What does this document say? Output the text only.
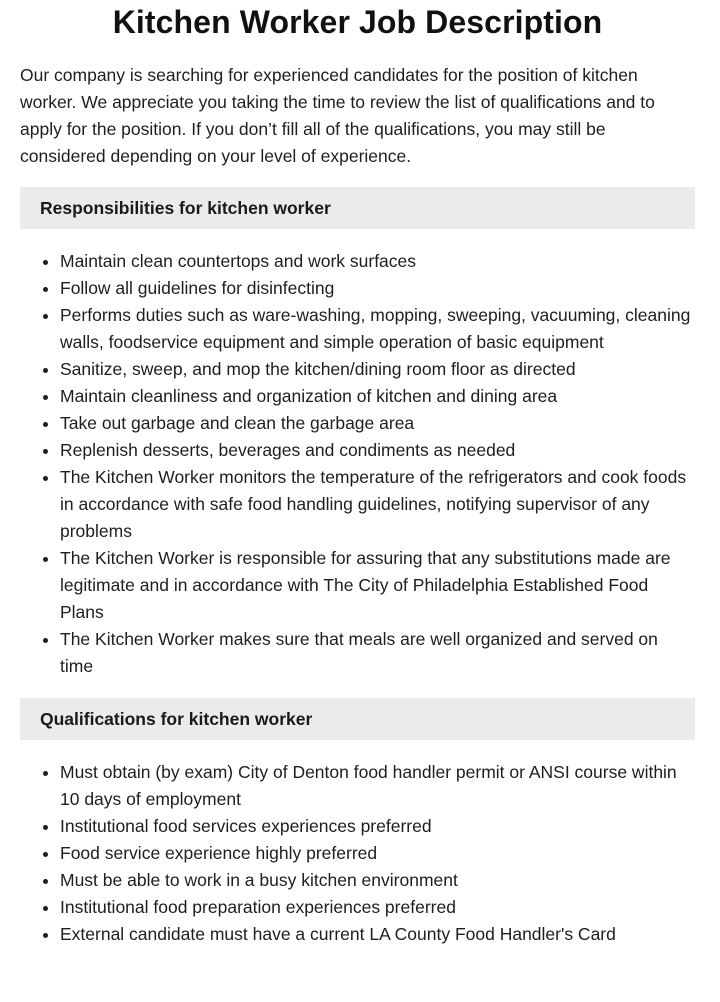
Kitchen Worker Job Description

Our company is searching for experienced candidates for the position of kitchen worker. We appreciate you taking the time to review the list of qualifications and to apply for the position. If you don’t fill all of the qualifications, you may still be considered depending on your level of experience.

Responsibilities for kitchen worker
• Maintain clean countertops and work surfaces
• Follow all guidelines for disinfecting
• Performs duties such as ware-washing, mopping, sweeping, vacuuming, cleaning walls, foodservice equipment and simple operation of basic equipment
• Sanitize, sweep, and mop the kitchen/dining room floor as directed
• Maintain cleanliness and organization of kitchen and dining area
• Take out garbage and clean the garbage area
• Replenish desserts, beverages and condiments as needed
• The Kitchen Worker monitors the temperature of the refrigerators and cook foods in accordance with safe food handling guidelines, notifying supervisor of any problems
• The Kitchen Worker is responsible for assuring that any substitutions made are legitimate and in accordance with The City of Philadelphia Established Food Plans
• The Kitchen Worker makes sure that meals are well organized and served on time
Qualifications for kitchen worker
• Must obtain (by exam) City of Denton food handler permit or ANSI course within 10 days of employment
• Institutional food services experiences preferred
• Food service experience highly preferred
• Must be able to work in a busy kitchen environment
• Institutional food preparation experiences preferred
• External candidate must have a current LA County Food Handler's Card
